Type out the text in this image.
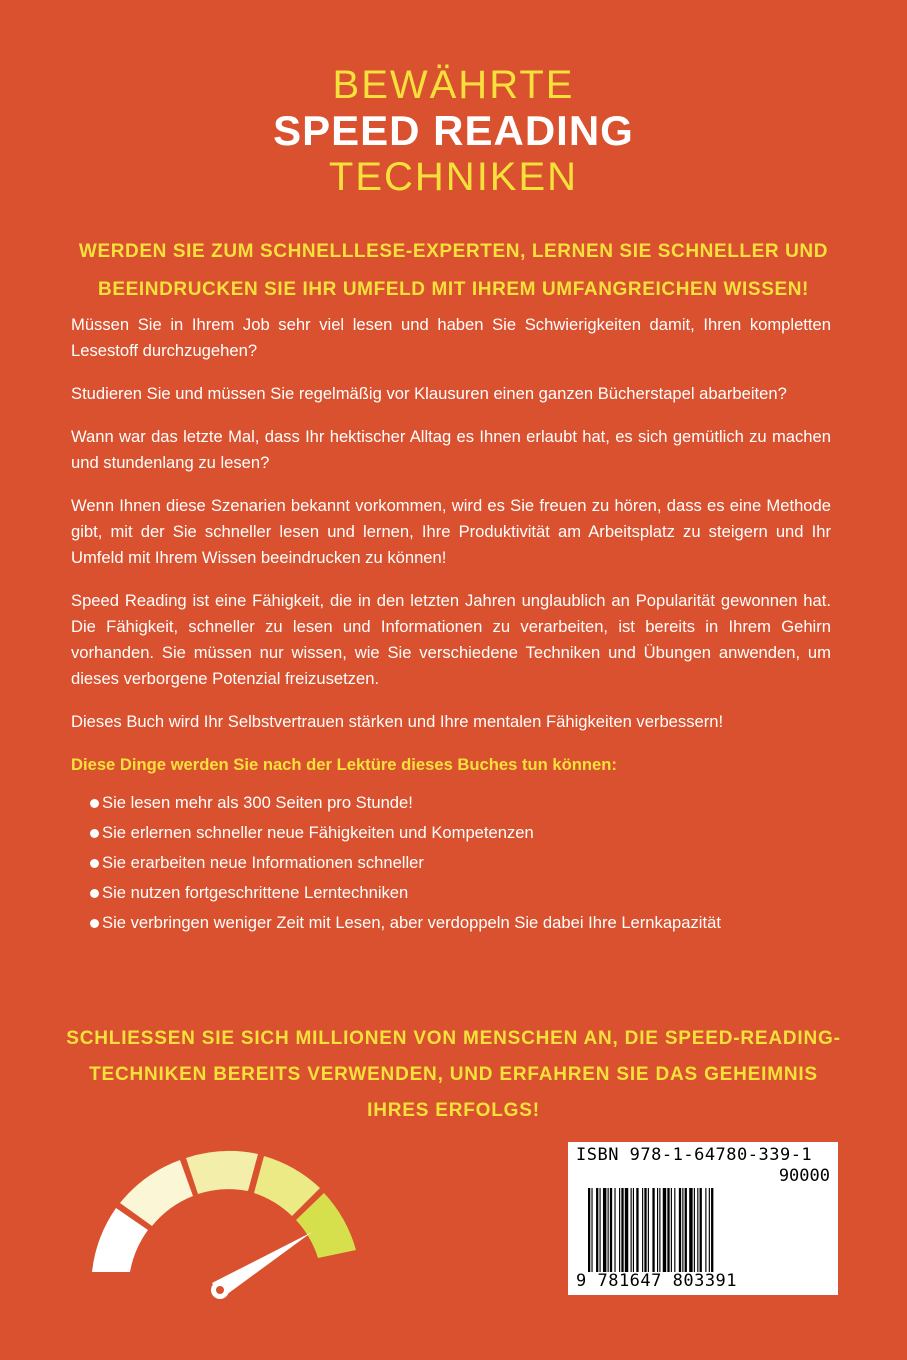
BEWÄHRTE
SPEED READING
TECHNIKEN
WERDEN SIE ZUM SCHNELLLESE-EXPERTEN, LERNEN SIE SCHNELLER UND BEEINDRUCKEN SIE IHR UMFELD MIT IHREM UMFANGREICHEN WISSEN!

Müssen Sie in Ihrem Job sehr viel lesen und haben Sie Schwierigkeiten damit, Ihren kompletten Lesestoff durchzugehen?

Studieren Sie und müssen Sie regelmäßig vor Klausuren einen ganzen Bücherstapel abarbeiten?

Wann war das letzte Mal, dass Ihr hektischer Alltag es Ihnen erlaubt hat, es sich gemütlich zu machen und stundenlang zu lesen?

Wenn Ihnen diese Szenarien bekannt vorkommen, wird es Sie freuen zu hören, dass es eine Methode gibt, mit der Sie schneller lesen und lernen, Ihre Produktivität am Arbeitsplatz zu steigern und Ihr Umfeld mit Ihrem Wissen beeindrucken zu können!

Speed Reading ist eine Fähigkeit, die in den letzten Jahren unglaublich an Popularität gewonnen hat. Die Fähigkeit, schneller zu lesen und Informationen zu verarbeiten, ist bereits in Ihrem Gehirn vorhanden. Sie müssen nur wissen, wie Sie verschiedene Techniken und Übungen anwenden, um dieses verborgene Potenzial freizusetzen.

Dieses Buch wird Ihr Selbstvertrauen stärken und Ihre mentalen Fähigkeiten verbessern!

Diese Dinge werden Sie nach der Lektüre dieses Buches tun können:
Sie lesen mehr als 300 Seiten pro Stunde!
Sie erlernen schneller neue Fähigkeiten und Kompetenzen
Sie erarbeiten neue Informationen schneller
Sie nutzen fortgeschrittene Lerntechniken
Sie verbringen weniger Zeit mit Lesen, aber verdoppeln Sie dabei Ihre Lernkapazität
SCHLIESSEN SIE SICH MILLIONEN VON MENSCHEN AN, DIE SPEED-READING-TECHNIKEN BEREITS VERWENDEN, UND ERFAHREN SIE DAS GEHEIMNIS IHRES ERFOLGS!
ISBN 978-1-64780-339-1
90000
9 781647 803391
